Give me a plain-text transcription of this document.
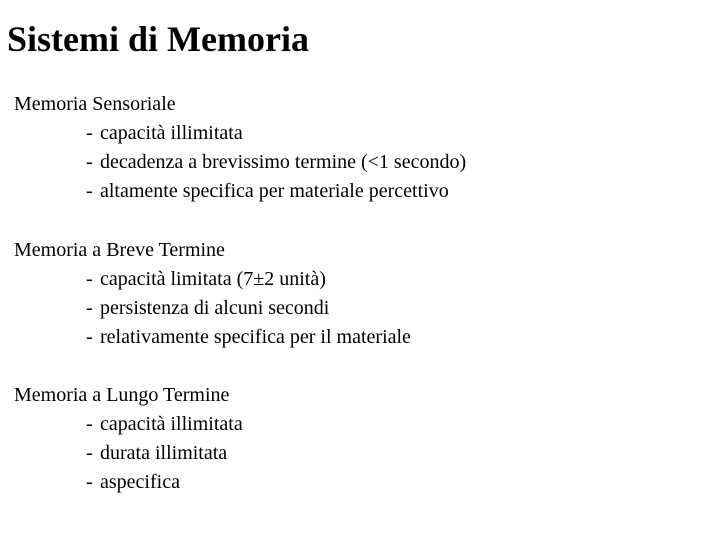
Sistemi di Memoria
Memoria Sensoriale
- capacità illimitata
- decadenza a brevissimo termine (<1 secondo)
- altamente specifica per materiale percettivo
Memoria a Breve Termine
- capacità limitata (7±2 unità)
- persistenza di alcuni secondi
- relativamente specifica per il materiale
Memoria a Lungo Termine
- capacità illimitata
- durata illimitata
- aspecifica
